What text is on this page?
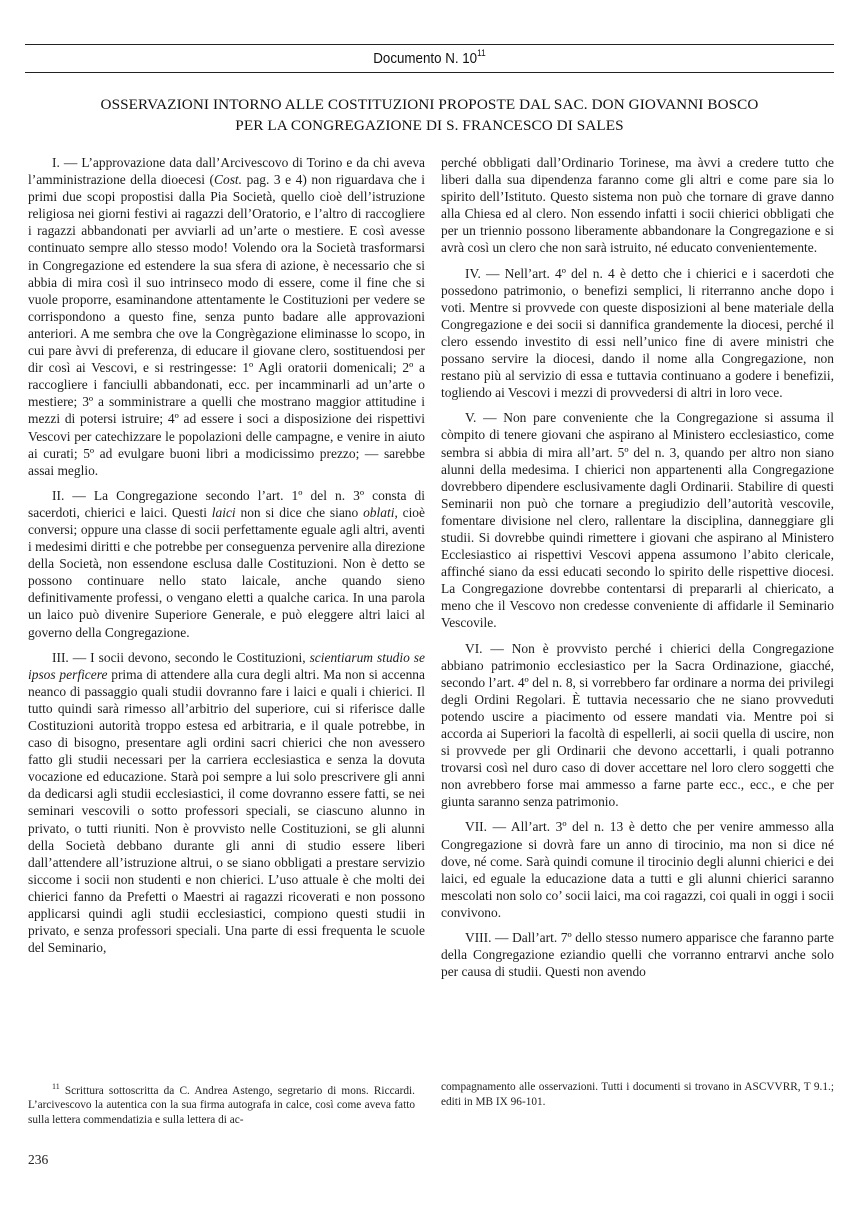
Documento N. $10^{11}$
OSSERVAZIONI INTORNO ALLE COSTITUZIONI PROPOSTE DAL SAC. DON GIOVANNI BOSCO
PER LA CONGREGAZIONE DI S. FRANCESCO DI SALES

I. — L’approvazione data dall’Arcivescovo di Torino e da chi aveva l’amministrazione della dioecesi (Cost. pag. 3 e 4) non riguardava che i primi due scopi propostisi dalla Pia Società, quello cioè dell’istruzione religiosa nei giorni festivi ai ragazzi dell’Oratorio, e l’altro di raccogliere i ragazzi abbandonati per avviarli ad un’arte o mestiere. E così avesse continuato sempre allo stesso modo! Volendo ora la Società trasformarsi in Congregazione ed estendere la sua sfera di azione, è necessario che si abbia di mira così il suo intrinseco modo di essere, come il fine che si vuole proporre, esaminandone attentamente le Costituzioni per vedere se corrispondono a questo fine, senza punto badare alle approvazioni anteriori. A me sembra che ove la Congrègazione eliminasse lo scopo, in cui pare àvvi di preferenza, di educare il giovane clero, sostituendosi per dir così ai Vescovi, e si restringesse: 1º Agli oratorii domenicali; 2º a raccogliere i fanciulli abbandonati, ecc. per incamminarli ad un’arte o mestiere; 3º a somministrare a quelli che mostrano maggior attitudine i mezzi di potersi istruire; 4º ad essere i soci a disposizione dei rispettivi Vescovi per catechizzare le popolazioni delle campagne, e venire in aiuto ai curati; 5º ad evulgare buoni libri a modicissimo prezzo; — sarebbe assai meglio.

II. — La Congregazione secondo l’art. 1º del n. 3º consta di sacerdoti, chierici e laici. Questi laici non si dice che siano oblati, cioè conversi; oppure una classe di socii perfettamente eguale agli altri, aventi i medesimi diritti e che potrebbe per conseguenza pervenire alla direzione della Società, non essendone esclusa dalle Costituzioni. Non è detto se possono continuare nello stato laicale, anche quando sieno definitivamente professi, o vengano eletti a qualche carica. In una parola un laico può divenire Superiore Generale, e può eleggere altri laici al governo della Congregazione.

III. — I socii devono, secondo le Costituzioni, scientiarum studio se ipsos perficere prima di attendere alla cura degli altri. Ma non si accenna neanco di passaggio quali studii dovranno fare i laici e quali i chierici. Il tutto quindi sarà rimesso all’arbitrio del superiore, cui si riferisce dalle Costituzioni autorità troppo estesa ed arbitraria, e il quale potrebbe, in caso di bisogno, presentare agli ordini sacri chierici che non avessero fatto gli studii necessari per la carriera ecclesiastica e senza la dovuta vocazione ed educazione. Starà poi sempre a lui solo prescrivere gli anni da dedicarsi agli studii ecclesiastici, il come dovranno essere fatti, se nei seminari vescovili o sotto professori speciali, se ciascuno alunno in privato, o tutti riuniti. Non è provvisto nelle Costituzioni, se gli alunni della Società debbano durante gli anni di studio essere liberi dall’attendere all’istruzione altrui, o se siano obbligati a prestare servizio siccome i socii non studenti e non chierici. L’uso attuale è che molti dei chierici fanno da Prefetti o Maestri ai ragazzi ricoverati e non possono applicarsi quindi agli studii ecclesiastici, compiono questi studii in privato, e senza professori speciali. Una parte di essi frequenta le scuole del Seminario,

perché obbligati dall’Ordinario Torinese, ma àvvi a credere tutto che liberi dalla sua dipendenza faranno come gli altri e come pare sia lo spirito dell’Istituto. Questo sistema non può che tornare di grave danno alla Chiesa ed al clero. Non essendo infatti i socii chierici obbligati che per un triennio possono liberamente abbandonare la Congregazione e si avrà così un clero che non sarà istruito, né educato convenientemente.

IV. — Nell’art. 4º del n. 4 è detto che i chierici e i sacerdoti che possedono patrimonio, o benefizi semplici, li riterranno anche dopo i voti. Mentre si provvede con queste disposizioni al bene materiale della Congregazione e dei socii si dannifica grandemente la diocesi, perché il clero essendo investito di essi nell’unico fine di avere ministri che possano servire la diocesi, dando il nome alla Congregazione, non restano più al servizio di essa e tuttavia continuano a godere i benefizii, togliendo ai Vescovi i mezzi di provvedersi di altri in loro vece.

V. — Non pare conveniente che la Congregazione si assuma il còmpito di tenere giovani che aspirano al Ministero ecclesiastico, come sembra si abbia di mira all’art. 5º del n. 3, quando per altro non siano alunni della medesima. I chierici non appartenenti alla Congregazione dovrebbero dipendere esclusivamente dagli Ordinarii. Stabilire di questi Seminarii non può che tornare a pregiudizio dell’autorità vescovile, fomentare divisione nel clero, rallentare la disciplina, danneggiare gli studii. Si dovrebbe quindi rimettere i giovani che aspirano al Ministero Ecclesiastico ai rispettivi Vescovi appena assumono l’abito clericale, affinché siano da essi educati secondo lo spirito delle rispettive diocesi. La Congregazione dovrebbe contentarsi di prepararli al chiericato, a meno che il Vescovo non credesse conveniente di affidarle il Seminario Vescovile.

VI. — Non è provvisto perché i chierici della Congregazione abbiano patrimonio ecclesiastico per la Sacra Ordinazione, giacché, secondo l’art. 4º del n. 8, si vorrebbero far ordinare a norma dei privilegi degli Ordini Regolari. È tuttavia necessario che ne siano provveduti potendo uscire a piacimento od essere mandati via. Mentre poi si accorda ai Superiori la facoltà di espellerli, ai socii quella di uscire, non si provvede per gli Ordinarii che devono accettarli, i quali potranno trovarsi così nel duro caso di dover accettare nel loro clero soggetti che non avrebbero forse mai ammesso a farne parte ecc., ecc., e che per giunta saranno senza patrimonio.

VII. — All’art. 3º del n. 13 è detto che per venire ammesso alla Congregazione si dovrà fare un anno di tirocinio, ma non si dice né dove, né come. Sarà quindi comune il tirocinio degli alunni chierici e dei laici, ed eguale la educazione data a tutti e gli alunni chierici saranno mescolati non solo co’ socii laici, ma coi ragazzi, coi quali in oggi i socii convivono.

VIII. — Dall’art. 7º dello stesso numero apparisce che faranno parte della Congregazione eziandio quelli che vorranno entrarvi anche solo per causa di studii. Questi non avendo

$^{11}$ Scrittura sottoscritta da C. Andrea Astengo, segretario di mons. Riccardi. L’arcivescovo la autentica con la sua firma autografa in calce, così come aveva fatto sulla lettera commendatizia e sulla lettera di ac-

compagnamento alle osservazioni. Tutti i documenti si trovano in ASCVVRR, T 9.1.; editi in MB IX 96-101.

236
